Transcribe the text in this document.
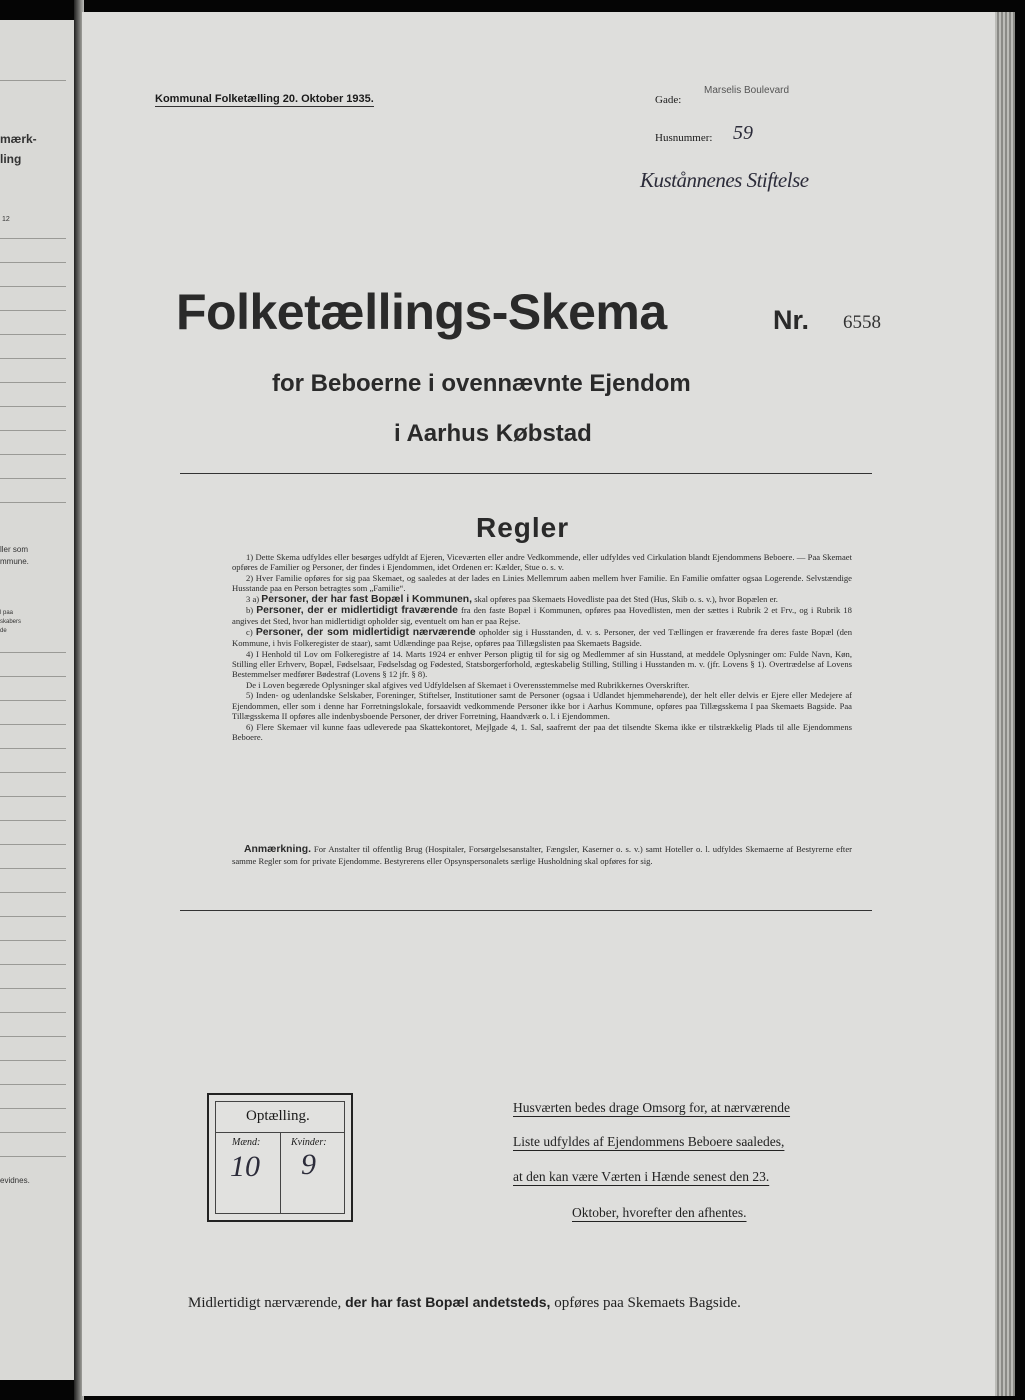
mærk-
ling
12
ller som
mmune.
l paa
skabers
de
evidnes.
Kommunal Folketælling 20. Oktober 1935.	Gade:
Marselis Boulevard
Husnummer: 59
Kustånnenes Stiftelse
Folketællings-Skema	Nr. 6558
for Beboerne i ovennævnte Ejendom
i Aarhus Købstad
Regler

1) Dette Skema udfyldes eller besørges udfyldt af Ejeren, Viceværten eller andre Vedkommende, eller udfyldes ved Cirkulation blandt Ejendommens Beboere. — Paa Skemaet opføres de Familier og Personer, der findes i Ejendommen, idet Ordenen er: Kælder, Stue o. s. v.

2) Hver Familie opføres for sig paa Skemaet, og saaledes at der lades en Linies Mellemrum aaben mellem hver Familie. En Familie omfatter ogsaa Logerende. Selvstændige Husstande paa en Person betragtes som „Familie“.

3 a) Personer, der har fast Bopæl i Kommunen, skal opføres paa Skemaets Hovedliste paa det Sted (Hus, Skib o. s. v.), hvor Bopælen er.

b) Personer, der er midlertidigt fraværende fra den faste Bopæl i Kommunen, opføres paa Hovedlisten, men der sættes i Rubrik 2 et Frv., og i Rubrik 18 angives det Sted, hvor han midlertidigt opholder sig, eventuelt om han er paa Rejse.

c) Personer, der som midlertidigt nærværende opholder sig i Husstanden, d. v. s. Personer, der ved Tællingen er fraværende fra deres faste Bopæl (den Kommune, i hvis Folkeregister de staar), samt Udlændinge paa Rejse, opføres paa Tillægslisten paa Skemaets Bagside.

4) I Henhold til Lov om Folkeregistre af 14. Marts 1924 er enhver Person pligtig til for sig og Medlemmer af sin Husstand, at meddele Oplysninger om: Fulde Navn, Køn, Stilling eller Erhverv, Bopæl, Fødselsaar, Fødselsdag og Fødested, Statsborgerforhold, ægteskabelig Stilling, Stilling i Husstanden m. v. (jfr. Lovens § 1). Overtrædelse af Lovens Bestemmelser medfører Bødestraf (Lovens § 12 jfr. § 8).

De i Loven begærede Oplysninger skal afgives ved Udfyldelsen af Skemaet i Overensstemmelse med Rubrikkernes Overskrifter.

5) Inden- og udenlandske Selskaber, Foreninger, Stiftelser, Institutioner samt de Personer (ogsaa i Udlandet hjemmehørende), der helt eller delvis er Ejere eller Medejere af Ejendommen, eller som i denne har Forretningslokale, forsaavidt vedkommende Personer ikke bor i Aarhus Kommune, opføres paa Tillægsskema I paa Skemaets Bagside. Paa Tillægsskema II opføres alle indenbysboende Personer, der driver Forretning, Haandværk o. l. i Ejendommen.

6) Flere Skemaer vil kunne faas udleverede paa Skattekontoret, Mejlgade 4, 1. Sal, saafremt der paa det tilsendte Skema ikke er tilstrækkelig Plads til alle Ejendommens Beboere.

Anmærkning. For Anstalter til offentlig Brug (Hospitaler, Forsørgelsesanstalter, Fængsler, Kaserner o. s. v.) samt Hoteller o. l. udfyldes Skemaerne af Bestyrerne efter samme Regler som for private Ejendomme. Bestyrerens eller Opsynspersonalets særlige Husholdning skal opføres for sig.
Optælling.
Mænd:	Kvinder:
10 9
Husværten bedes drage Omsorg for, at nærværende
Liste udfyldes af Ejendommens Beboere saaledes,
at den kan være Værten i Hænde senest den 23.
Oktober, hvorefter den afhentes.
Midlertidigt nærværende, der har fast Bopæl andetsteds, opføres paa Skemaets Bagside.
